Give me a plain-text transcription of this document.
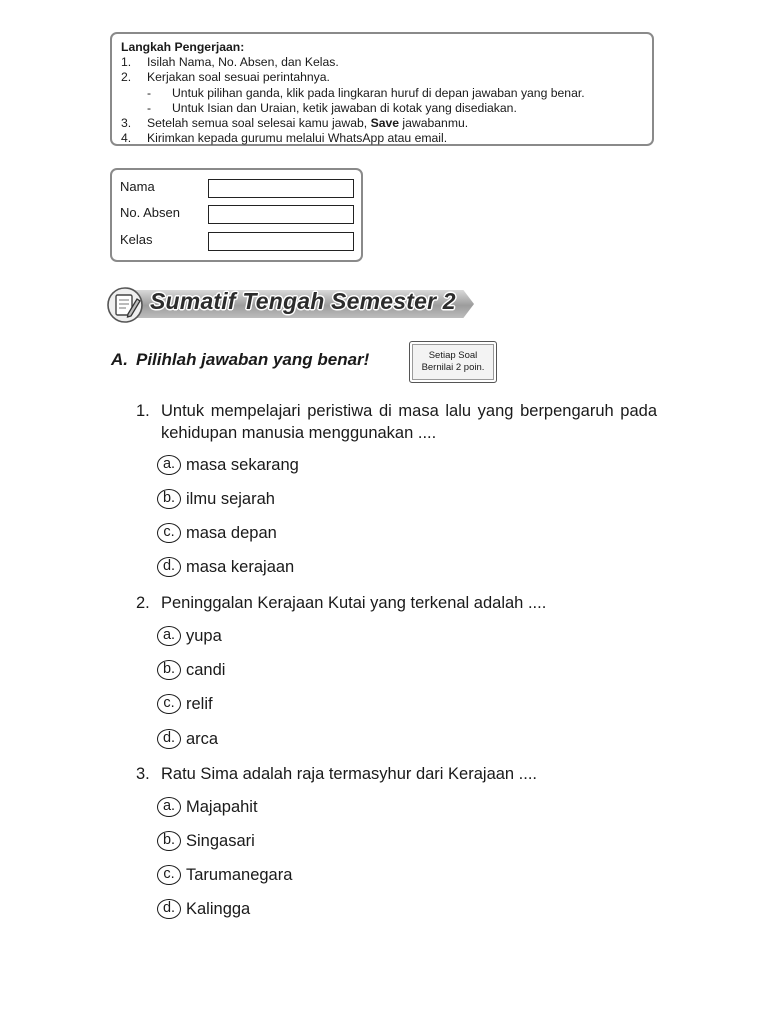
Langkah Pengerjaan:
1. Isilah Nama, No. Absen, dan Kelas.
2. Kerjakan soal sesuai perintahnya.
- Untuk pilihan ganda, klik pada lingkaran huruf di depan jawaban yang benar.
- Untuk Isian dan Uraian, ketik jawaban di kotak yang disediakan.
3. Setelah semua soal selesai kamu jawab, Save jawabanmu.
4. Kirimkan kepada gurumu melalui WhatsApp atau email.
Nama
No. Absen
Kelas
Sumatif Tengah Semester 2
A. Pilihlah jawaban yang benar!	Setiap Soal
Bernilai 2 poin.
1. Untuk mempelajari peristiwa di masa lalu yang berpengaruh pada kehidupan manusia menggunakan ....
a. masa sekarang
b. ilmu sejarah
c. masa depan
d. masa kerajaan
2. Peninggalan Kerajaan Kutai yang terkenal adalah ....
a. yupa
b. candi
c. relif
d. arca
3. Ratu Sima adalah raja termasyhur dari Kerajaan ....
a. Majapahit
b. Singasari
c. Tarumanegara
d. Kalingga
